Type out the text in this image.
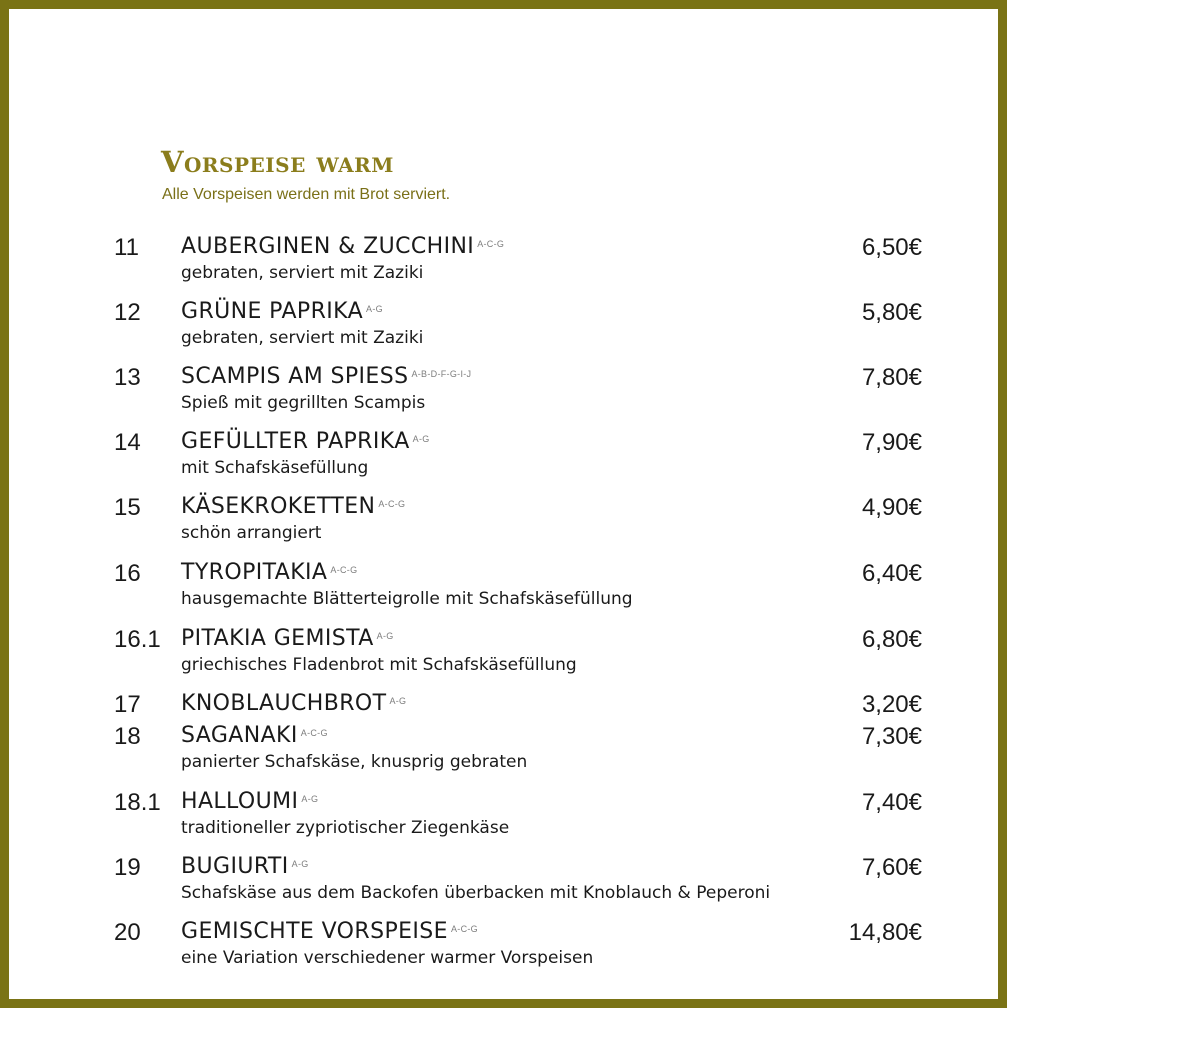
Vorspeise warm
Alle Vorspeisen werden mit Brot serviert.
11 AUBERGINEN & ZUCCHINI $^{A-C-G}$
gebraten, serviert mit Zaziki
6,50€
12 GRÜNE PAPRIKA $^{A-G}$
gebraten, serviert mit Zaziki
5,80€
13 SCAMPIS AM SPIESS $^{A-B-D-F-G-I-J}$
Spieß mit gegrillten Scampis
7,80€
14 GEFÜLLTER PAPRIKA $^{A-G}$
mit Schafskäsefüllung
7,90€
15 KÄSEKROKETTEN $^{A-C-G}$
schön arrangiert
4,90€
16 TYROPITAKIA $^{A-C-G}$
hausgemachte Blätterteigrolle mit Schafskäsefüllung
6,40€
16.1 PITAKIA GEMISTA $^{A-G}$
griechisches Fladenbrot mit Schafskäsefüllung
6,80€
17 KNOBLAUCHBROT $^{A-G}$	3,20€
18 SAGANAKI $^{A-C-G}$
panierter Schafskäse, knusprig gebraten
7,30€
18.1 HALLOUMI $^{A-G}$
traditioneller zypriotischer Ziegenkäse
7,40€
19 BUGIURTI $^{A-G}$
Schafskäse aus dem Backofen überbacken mit Knoblauch & Peperoni
7,60€
20 GEMISCHTE VORSPEISE $^{A-C-G}$
eine Variation verschiedener warmer Vorspeisen
14,80€
